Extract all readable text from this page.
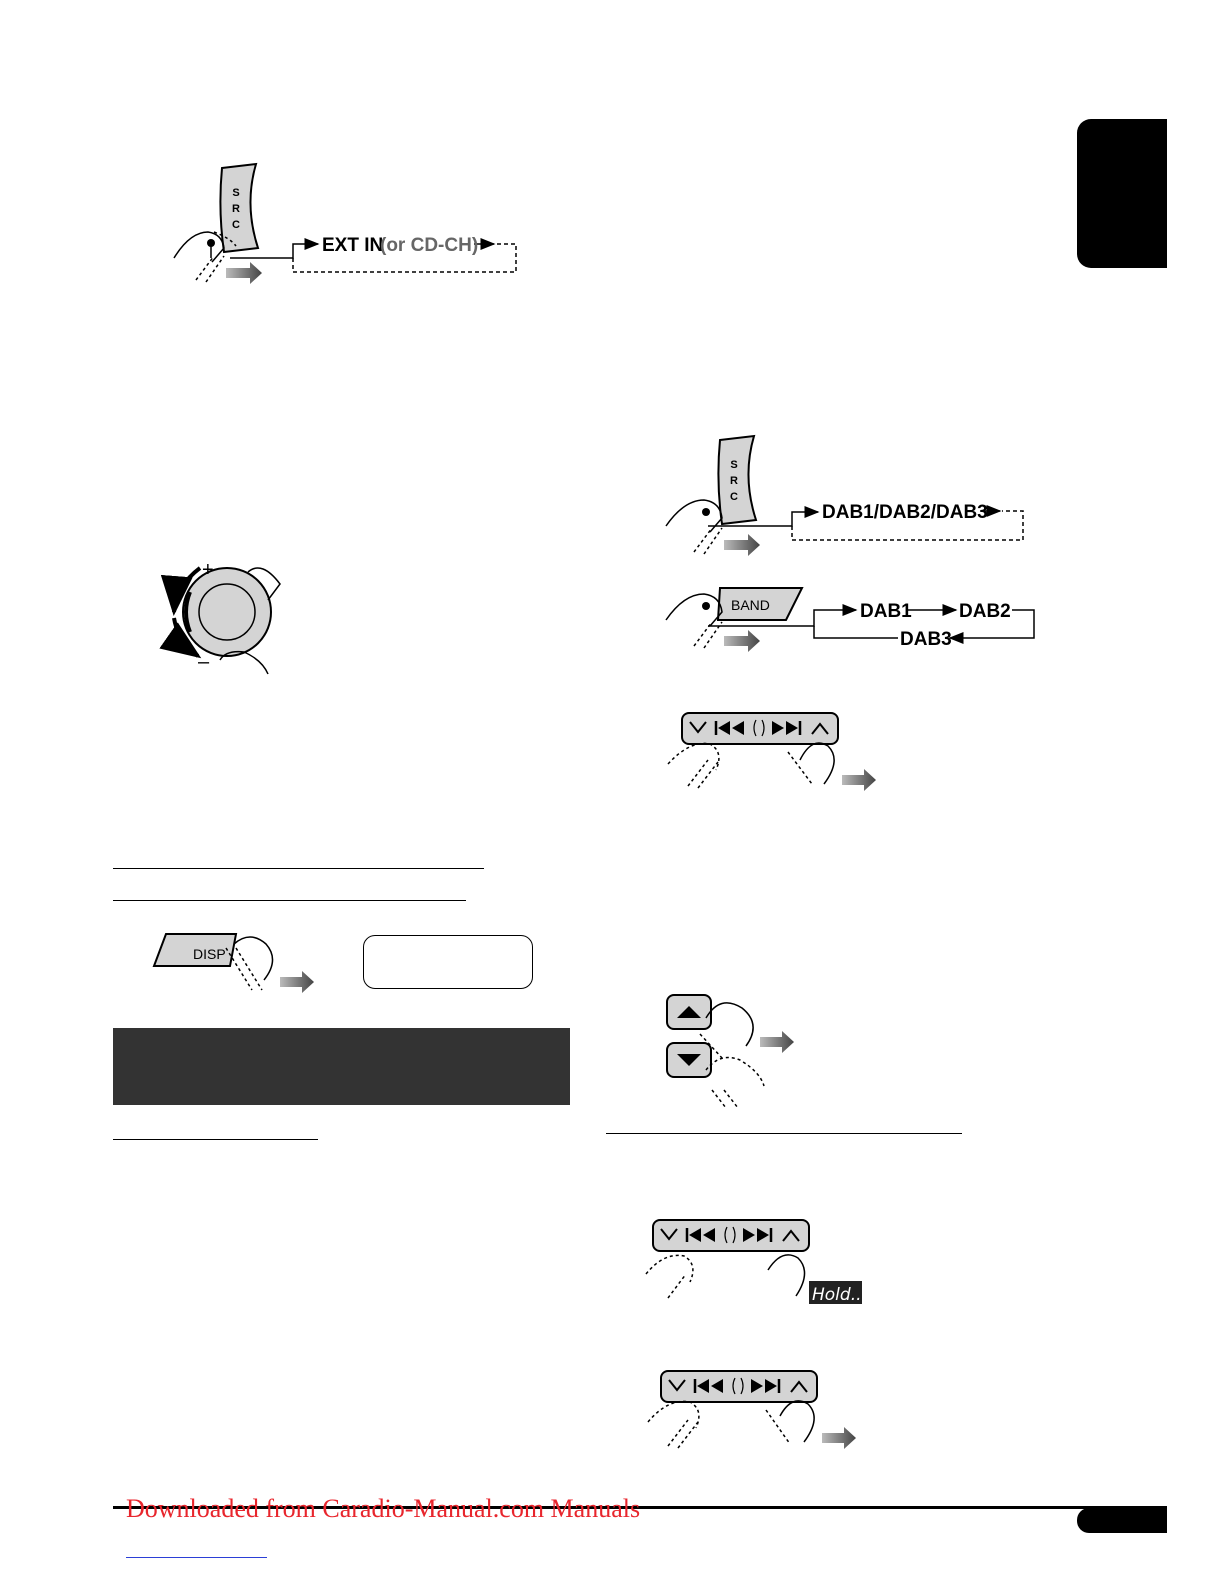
S
R
C
EXT IN
(or CD-CH)
+
–
S
R
C
DAB1/DAB2/DAB3
BAND	DAB1 DAB2
DAB3
Hold....
DISP
Downloaded from Caradio-Manual.com Manuals
